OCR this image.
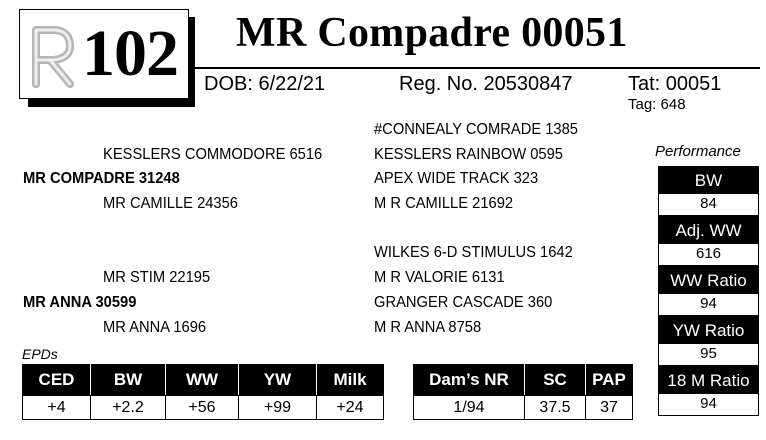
102 MR Compadre 00051
DOB: 6/22/21	Reg. No. 20530847	Tat: 00051
Tag: 648
#CONNEALY COMRADE 1385
KESSLERS COMMODORE 6516	KESSLERS RAINBOW 0595
MR COMPADRE 31248	APEX WIDE TRACK 323
MR CAMILLE 24356	M R CAMILLE 21692
WILKES 6-D STIMULUS 1642
MR STIM 22195	M R VALORIE 6131
MR ANNA 30599	GRANGER CASCADE 360
MR ANNA 1696	M R ANNA 8758
Performance
BW
84
Adj. WW
616
WW Ratio
94
YW Ratio
95
18 M Ratio
94
EPDs
CED	BW	WW	YW	Milk
+4	+2.2	+56	+99	+24
Dam’s NR	SC	PAP
1/94	37.5	37
